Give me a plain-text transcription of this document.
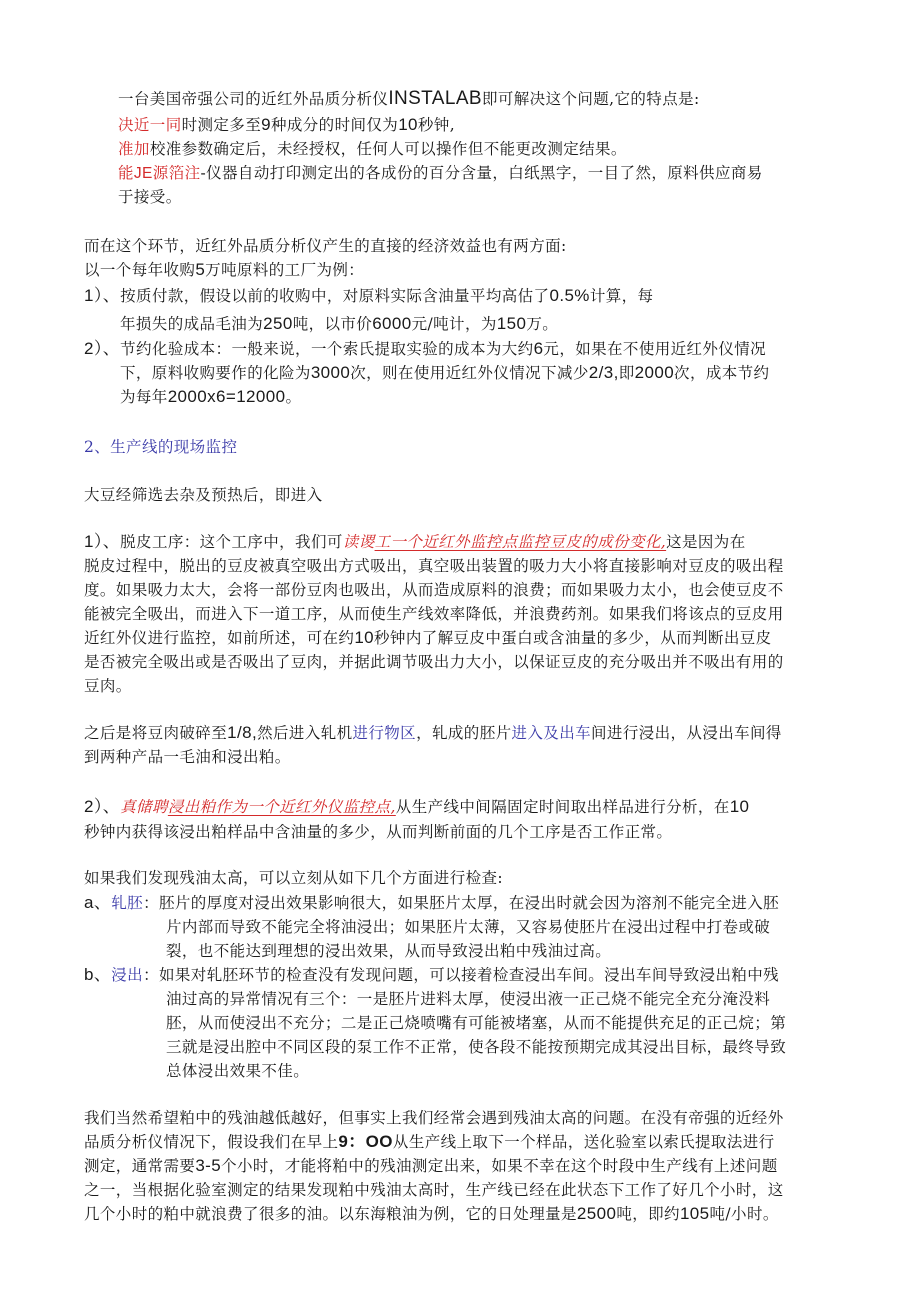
一台美国帝强公司的近红外品质分析仪INSTALAB即可解决这个问题,它的特点是:
决近一同时测定多至9种成分的时间仅为10秒钟,
准加校准参数确定后，未经授权，任何人可以操作但不能更改测定结果。
能JE源箔注-仪器自动打印测定出的各成份的百分含量，白纸黑字，一目了然，原料供应商易
于接受。
而在这个环节，近红外品质分析仪产生的直接的经济效益也有两方面:
以一个每年收购5万吨原料的工厂为例：
1）、按质付款，假设以前的收购中，对原料实际含油量平均高估了0.5%计算，每
年损失的成品毛油为250吨，以市价6000元/吨计，为150万。
2）、节约化验成本：一般来说，一个索氏提取实验的成本为大约6元，如果在不使用近红外仪情况
下，原料收购要作的化险为3000次，则在使用近红外仪情况下减少2/3,即2000次，成本节约
为每年2000x6=12000。
2、生产线的现场监控
大豆经筛选去杂及预热后，即进入
1）、脱皮工序：这个工序中，我们可读谡工一个近红外监控点监控豆皮的成份变化,这是因为在
脱皮过程中，脱出的豆皮被真空吸出方式吸出，真空吸出装置的吸力大小将直接影响对豆皮的吸出程
度。如果吸力太大，会将一部份豆肉也吸出，从而造成原料的浪费；而如果吸力太小，也会使豆皮不
能被完全吸出，而进入下一道工序，从而使生产线效率降低，并浪费药剂。如果我们将该点的豆皮用
近红外仪进行监控，如前所述，可在约10秒钟内了解豆皮中蛋白或含油量的多少，从而判断出豆皮
是否被完全吸出或是否吸出了豆肉，并据此调节吸出力大小，以保证豆皮的充分吸出并不吸出有用的
豆肉。
之后是将豆肉破碎至1/8,然后进入轧机进行物区，轧成的胚片进入及出车间进行浸出，从浸出车间得
到两种产品一毛油和浸出粕。
2）、真储聘浸出粕作为一个近红外仪监控点,从生产线中间隔固定时间取出样品进行分析，在10
秒钟内获得该浸出粕样品中含油量的多少，从而判断前面的几个工序是否工作正常。
如果我们发现残油太高，可以立刻从如下几个方面进行检查:
a、轧胚：胚片的厚度对浸出效果影响很大，如果胚片太厚，在浸出时就会因为溶剂不能完全进入胚
片内部而导致不能完全将油浸出；如果胚片太薄，又容易使胚片在浸出过程中打卷或破
裂，也不能达到理想的浸出效果，从而导致浸出粕中残油过高。
b、浸出：如果对轧胚环节的检查没有发现问题，可以接着检查浸出车间。浸出车间导致浸出粕中残
油过高的异常情况有三个：一是胚片进料太厚，使浸出液一正己烧不能完全充分淹没料
胚，从而使浸出不充分；二是正己烧喷嘴有可能被堵塞，从而不能提供充足的正己烷；第
三就是浸出腔中不同区段的泵工作不正常，使各段不能按预期完成其浸出目标，最终导致
总体浸出效果不佳。
我们当然希望粕中的残油越低越好，但事实上我们经常会遇到残油太高的问题。在没有帝强的近经外
品质分析仪情况下，假设我们在早上9：OO从生产线上取下一个样品，送化验室以索氏提取法进行
测定，通常需要3-5个小时，才能将粕中的残油测定出来，如果不幸在这个时段中生产线有上述问题
之一，当根据化验室测定的结果发现粕中残油太高时，生产线已经在此状态下工作了好几个小时，这
几个小时的粕中就浪费了很多的油。以东海粮油为例，它的日处理量是2500吨，即约105吨/小时。
